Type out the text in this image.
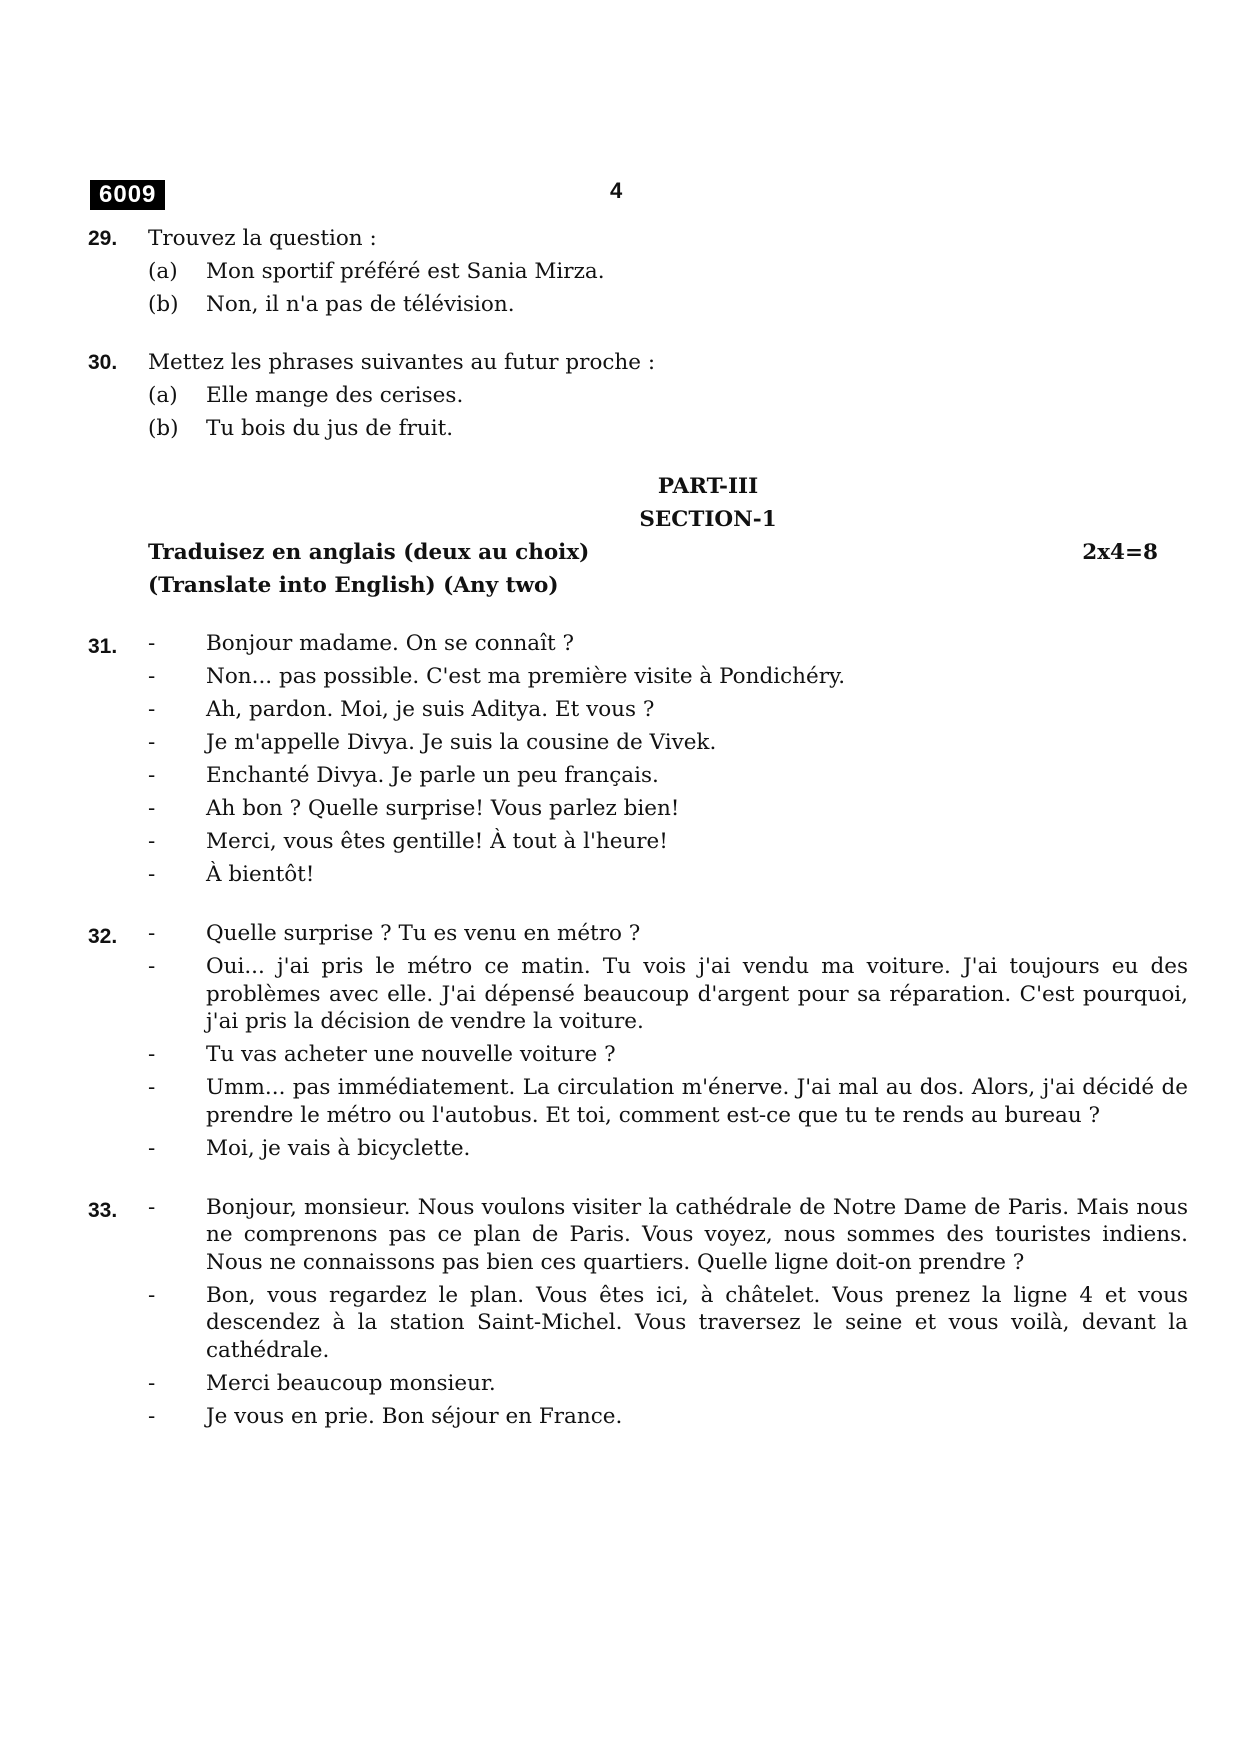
6009	4
29.	Trouvez la question :
(a) Mon sportif préféré est Sania Mirza.
(b) Non, il n'a pas de télévision.
30.	Mettez les phrases suivantes au futur proche :
(a) Elle mange des cerises.
(b) Tu bois du jus de fruit.
PART-III
SECTION-1
Traduisez en anglais (deux au choix)	2x4=8
(Translate into English) (Any two)
31.	- Bonjour madame. On se connaît ?
- Non... pas possible. C'est ma première visite à Pondichéry.
- Ah, pardon. Moi, je suis Aditya. Et vous ?
- Je m'appelle Divya. Je suis la cousine de Vivek.
- Enchanté Divya. Je parle un peu français.
- Ah bon ? Quelle surprise! Vous parlez bien!
- Merci, vous êtes gentille! À tout à l'heure!
- À bientôt!
32.	- Quelle surprise ? Tu es venu en métro ?
- Oui... j'ai pris le métro ce matin. Tu vois j'ai vendu ma voiture. J'ai toujours eu des problèmes avec elle. J'ai dépensé beaucoup d'argent pour sa réparation. C'est pourquoi, j'ai pris la décision de vendre la voiture.
- Tu vas acheter une nouvelle voiture ?
- Umm... pas immédiatement. La circulation m'énerve. J'ai mal au dos. Alors, j'ai décidé de prendre le métro ou l'autobus. Et toi, comment est-ce que tu te rends au bureau ?
- Moi, je vais à bicyclette.
33.	- Bonjour, monsieur. Nous voulons visiter la cathédrale de Notre Dame de Paris. Mais nous ne comprenons pas ce plan de Paris. Vous voyez, nous sommes des touristes indiens. Nous ne connaissons pas bien ces quartiers. Quelle ligne doit-on prendre ?
- Bon, vous regardez le plan. Vous êtes ici, à châtelet. Vous prenez la ligne 4 et vous descendez à la station Saint-Michel. Vous traversez le seine et vous voilà, devant la cathédrale.
- Merci beaucoup monsieur.
- Je vous en prie. Bon séjour en France.
